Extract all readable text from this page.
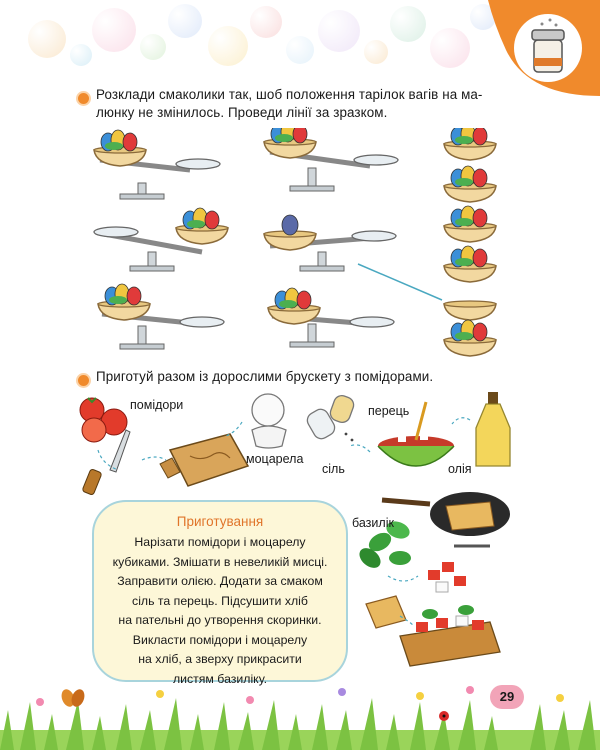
Розклади смаколики так, шоб положення тарілок вагів на ма-
люнку не змінилось. Проведи лінії за зразком.
Приготуй разом із дорослими брускету з помідорами.
помідори
моцарела
сіль
перець
олія
базилік
Приготування
Нарізати помідори і моцарелу
кубиками. Змішати в невеликій мисці.
Заправити олією. Додати за смаком
сіль та перець. Підсушити хліб
на пательні до утворення скоринки.
Викласти помідори і моцарелу
на хліб, а зверху прикрасити
листям базиліку.
29
